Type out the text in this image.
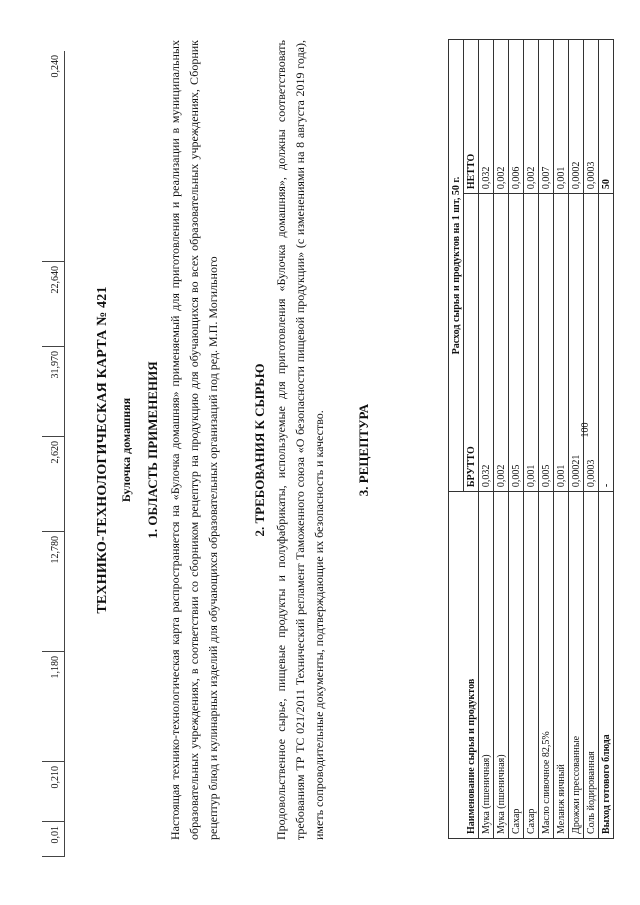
0,01
0,210
1,180
12,780
2,620
31,970
22,640
0,240
ТЕХНИКО-ТЕХНОЛОГИЧЕСКАЯ КАРТА № 421 Булочка домашняя 1. ОБЛАСТЬ ПРИМЕНЕНИЯ Настоящая технико-технологическая карта распространяется на «Булочка домашняя» применяемый для приготовления и реализации в муниципальных образовательных учреждениях, в соответствии со сборником рецептур на продукцию для обучающихся во всех образовательных учреждениях, Сборник рецептур блюд и кулинарных изделий для обучающихся образовательных организаций под ред. М.П. Могильного 2. ТРЕБОВАНИЯ К СЫРЬЮ Продовольственное сырье, пищевые продукты и полуфабрикаты, используемые для приготовления «Булочка домашняя», должны соответствовать требованиям ТР ТС 021/2011 Технический регламент Таможенного союза «О безопасности пищевой продукции» (с изменениями на 8 августа 2019 года), иметь сопроводительные документы, подтверждающие их безопасность и качество. 3. РЕЦЕПТУРА
Наименование сырья и продуктов	Расход сырья и продуктов на 1 шт, 50 г.	
	БРУТТО	НЕТТО
Мука (пшеничная)	0,032	0,032
Мука (пшеничная)	0,002	0,002
Сахар	0,005	0,006
Сахар	0,001	0,002
Масло сливочное 82,5%	0,005	0,007
Меланж яичный	0,001	0,001
Дрожжи прессованные	0,00021	0,0002
Соль йодированная	0,0003	0,0003
Выход готового блюда	-	50
100
